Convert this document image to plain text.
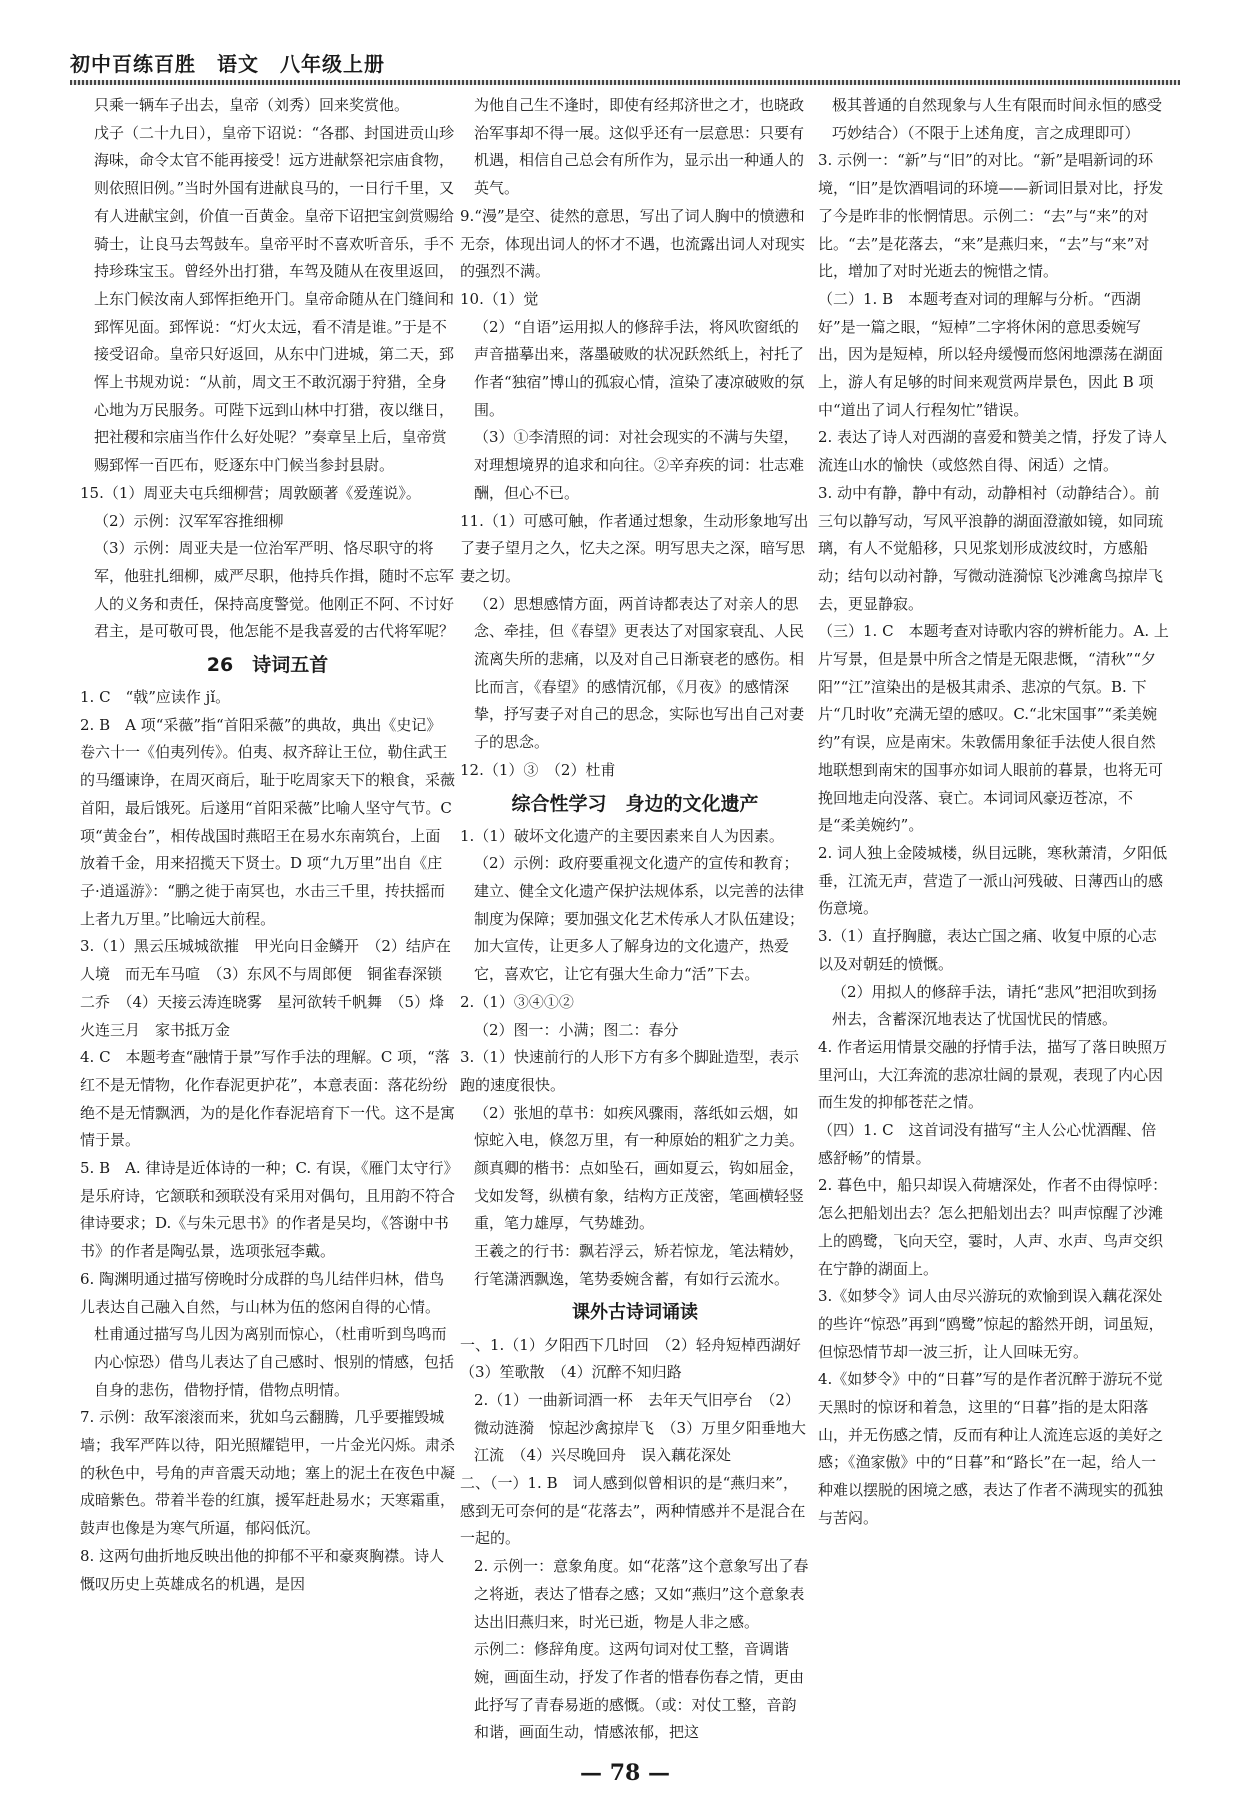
初中百练百胜　语文　八年级上册

只乘一辆车子出去，皇帝（刘秀）回来奖赏他。

戊子（二十九日），皇帝下诏说：“各郡、封国进贡山珍海味，命令太官不能再接受！远方进献祭祀宗庙食物，则依照旧例。”当时外国有进献良马的，一日行千里，又有人进献宝剑，价值一百黄金。皇帝下诏把宝剑赏赐给骑士，让良马去驾鼓车。皇帝平时不喜欢听音乐，手不持珍珠宝玉。曾经外出打猎，车驾及随从在夜里返回，上东门候汝南人郅恽拒绝开门。皇帝命随从在门缝间和郅恽见面。郅恽说：“灯火太远，看不清是谁。”于是不接受诏命。皇帝只好返回，从东中门进城，第二天，郅恽上书规劝说：“从前，周文王不敢沉溺于狩猎，全身心地为万民服务。可陛下远到山林中打猎，夜以继日，把社稷和宗庙当作什么好处呢？”奏章呈上后，皇帝赏赐郅恽一百匹布，贬逐东中门候当参封县尉。

15.（1）周亚夫屯兵细柳营；周敦颐著《爱莲说》。

（2）示例：汉军军容推细柳

（3）示例：周亚夫是一位治军严明、恪尽职守的将军，他驻扎细柳，威严尽职，他持兵作揖，随时不忘军人的义务和责任，保持高度警觉。他刚正不阿、不讨好君主，是可敬可畏，他怎能不是我喜爱的古代将军呢？

26　诗词五首

1. C　“戟”应读作 jǐ。

2. B　A 项“采薇”指“首阳采薇”的典故，典出《史记》卷六十一《伯夷列传》。伯夷、叔齐辞让王位，勒住武王的马缰谏诤，在周灭商后，耻于吃周家天下的粮食，采薇首阳，最后饿死。后遂用“首阳采薇”比喻人坚守气节。C 项“黄金台”，相传战国时燕昭王在易水东南筑台，上面放着千金，用来招揽天下贤士。D 项“九万里”出自《庄子·逍遥游》：“鹏之徙于南冥也，水击三千里，抟扶摇而上者九万里。”比喻远大前程。

3.（1）黑云压城城欲摧　甲光向日金鳞开　（2）结庐在人境　而无车马喧　（3）东风不与周郎便　铜雀春深锁二乔　（4）天接云涛连晓雾　星河欲转千帆舞　（5）烽火连三月　家书抵万金

4. C　本题考查“融情于景”写作手法的理解。C 项，“落红不是无情物，化作春泥更护花”，本意表面：落花纷纷绝不是无情飘洒，为的是化作春泥培育下一代。这不是寓情于景。

5. B　A. 律诗是近体诗的一种；C. 有误，《雁门太守行》是乐府诗，它颔联和颈联没有采用对偶句，且用韵不符合律诗要求；D.《与朱元思书》的作者是吴均，《答谢中书书》的作者是陶弘景，选项张冠李戴。

6. 陶渊明通过描写傍晚时分成群的鸟儿结伴归林，借鸟儿表达自己融入自然，与山林为伍的悠闲自得的心情。

杜甫通过描写鸟儿因为离别而惊心，（杜甫听到鸟鸣而内心惊恐）借鸟儿表达了自己感时、恨别的情感，包括自身的悲伤，借物抒情，借物点明情。

7. 示例：敌军滚滚而来，犹如乌云翻腾，几乎要摧毁城墙；我军严阵以待，阳光照耀铠甲，一片金光闪烁。肃杀的秋色中，号角的声音震天动地；塞上的泥土在夜色中凝成暗紫色。带着半卷的红旗，援军赶赴易水；天寒霜重，鼓声也像是为寒气所逼，郁闷低沉。

8. 这两句曲折地反映出他的抑郁不平和豪爽胸襟。诗人慨叹历史上英雄成名的机遇，是因

为他自己生不逢时，即使有经邦济世之才，也晓政治军事却不得一展。这似乎还有一层意思：只要有机遇，相信自己总会有所作为，显示出一种通人的英气。

9.“漫”是空、徒然的意思，写出了词人胸中的愤懑和无奈，体现出词人的怀才不遇，也流露出词人对现实的强烈不满。

10.（1）觉

（2）“自语”运用拟人的修辞手法，将风吹窗纸的声音描摹出来，落墨破败的状况跃然纸上，衬托了作者“独宿”博山的孤寂心情，渲染了凄凉破败的氛围。

（3）①李清照的词：对社会现实的不满与失望，对理想境界的追求和向往。②辛弃疾的词：壮志难酬，但心不已。

11.（1）可感可触，作者通过想象，生动形象地写出了妻子望月之久，忆夫之深。明写思夫之深，暗写思妻之切。

（2）思想感情方面，两首诗都表达了对亲人的思念、牵挂，但《春望》更表达了对国家衰乱、人民流离失所的悲痛，以及对自己日渐衰老的感伤。相比而言，《春望》的感情沉郁，《月夜》的感情深挚，抒写妻子对自己的思念，实际也写出自己对妻子的思念。

12.（1）③　（2）杜甫

综合性学习　身边的文化遗产

1.（1）破坏文化遗产的主要因素来自人为因素。

（2）示例：政府要重视文化遗产的宣传和教育；建立、健全文化遗产保护法规体系，以完善的法律制度为保障；要加强文化艺术传承人才队伍建设；加大宣传，让更多人了解身边的文化遗产，热爱它，喜欢它，让它有强大生命力“活”下去。

2.（1）③④①②

（2）图一：小满；图二：春分

3.（1）快速前行的人形下方有多个脚趾造型，表示跑的速度很快。

（2）张旭的草书：如疾风骤雨，落纸如云烟，如惊蛇入电，倏忽万里，有一种原始的粗犷之力美。

颜真卿的楷书：点如坠石，画如夏云，钩如屈金，戈如发弩，纵横有象，结构方正茂密，笔画横轻竖重，笔力雄厚，气势雄劲。

王羲之的行书：飘若浮云，矫若惊龙，笔法精妙，行笔潇洒飘逸，笔势委婉含蓄，有如行云流水。

课外古诗词诵读

一、1.（1）夕阳西下几时回　（2）轻舟短棹西湖好　（3）笙歌散　（4）沉醉不知归路

2.（1）一曲新词酒一杯　去年天气旧亭台　（2）微动涟漪　惊起沙禽掠岸飞　（3）万里夕阳垂地大江流　（4）兴尽晚回舟　误入藕花深处

二、（一）1. B　词人感到似曾相识的是“燕归来”，感到无可奈何的是“花落去”，两种情感并不是混合在一起的。

2. 示例一：意象角度。如“花落”这个意象写出了春之将逝，表达了惜春之感；又如“燕归”这个意象表达出旧燕归来，时光已逝，物是人非之感。

示例二：修辞角度。这两句词对仗工整，音调谐婉，画面生动，抒发了作者的惜春伤春之情，更由此抒写了青春易逝的感慨。（或：对仗工整，音韵和谐，画面生动，情感浓郁，把这

极其普通的自然现象与人生有限而时间永恒的感受巧妙结合）（不限于上述角度，言之成理即可）

3. 示例一：“新”与“旧”的对比。“新”是唱新词的环境，“旧”是饮酒唱词的环境——新词旧景对比，抒发了今是昨非的怅惘情思。示例二：“去”与“来”的对比。“去”是花落去，“来”是燕归来，“去”与“来”对比，增加了对时光逝去的惋惜之情。

（二）1. B　本题考查对词的理解与分析。“西湖好”是一篇之眼，“短棹”二字将休闲的意思委婉写出，因为是短棹，所以轻舟缓慢而悠闲地漂荡在湖面上，游人有足够的时间来观赏两岸景色，因此 B 项中“道出了词人行程匆忙”错误。

2. 表达了诗人对西湖的喜爱和赞美之情，抒发了诗人流连山水的愉快（或悠然自得、闲适）之情。

3. 动中有静，静中有动，动静相衬（动静结合）。前三句以静写动，写风平浪静的湖面澄澈如镜，如同琉璃，有人不觉船移，只见浆划形成波纹时，方感船动；结句以动衬静，写微动涟漪惊飞沙滩禽鸟掠岸飞去，更显静寂。

（三）1. C　本题考查对诗歌内容的辨析能力。A. 上片写景，但是景中所含之情是无限悲慨，“清秋”“夕阳”“江”渲染出的是极其肃杀、悲凉的气氛。B. 下片“几时收”充满无望的感叹。C.“北宋国事”“柔美婉约”有误，应是南宋。朱敦儒用象征手法使人很自然地联想到南宋的国事亦如词人眼前的暮景，也将无可挽回地走向没落、衰亡。本词词风豪迈苍凉，不是“柔美婉约”。

2. 词人独上金陵城楼，纵目远眺，寒秋萧清，夕阳低垂，江流无声，营造了一派山河残破、日薄西山的感伤意境。

3.（1）直抒胸臆，表达亡国之痛、收复中原的心志以及对朝廷的愤慨。

（2）用拟人的修辞手法，请托“悲风”把泪吹到扬州去，含蓄深沉地表达了忧国忧民的情感。

4. 作者运用情景交融的抒情手法，描写了落日映照万里河山，大江奔流的悲凉壮阔的景观，表现了内心因而生发的抑郁苍茫之情。

（四）1. C　这首词没有描写“主人公心忧酒醒、倍感舒畅”的情景。

2. 暮色中，船只却误入荷塘深处，作者不由得惊呼：怎么把船划出去？怎么把船划出去？叫声惊醒了沙滩上的鸥鹭，飞向天空，霎时，人声、水声、鸟声交织在宁静的湖面上。

3.《如梦令》词人由尽兴游玩的欢愉到误入藕花深处的些许“惊恐”再到“鸥鹭”惊起的豁然开朗，词虽短，但惊恐情节却一波三折，让人回味无穷。

4.《如梦令》中的“日暮”写的是作者沉醉于游玩不觉天黑时的惊讶和着急，这里的“日暮”指的是太阳落山，并无伤感之情，反而有种让人流连忘返的美好之感；《渔家傲》中的“日暮”和“路长”在一起，给人一种难以摆脱的困境之感，表达了作者不满现实的孤独与苦闷。

— 78 —
